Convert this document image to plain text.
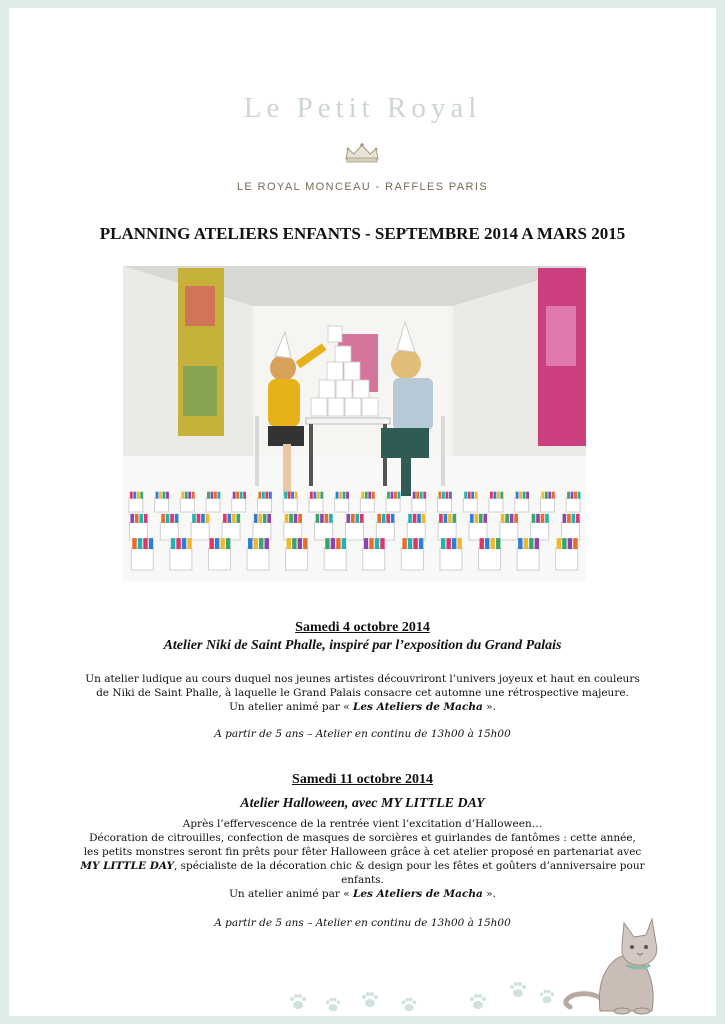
Le Petit Royal
LE ROYAL MONCEAU - RAFFLES PARIS
PLANNING ATELIERS ENFANTS - SEPTEMBRE 2014 A MARS 2015
Samedi 4 octobre 2014
Atelier Niki de Saint Phalle, inspiré par l’exposition du Grand Palais
Un atelier ludique au cours duquel nos jeunes artistes découvriront l’univers joyeux et haut en couleurs
de Niki de Saint Phalle, à laquelle le Grand Palais consacre cet automne une rétrospective majeure.
Un atelier animé par « Les Ateliers de Macha ».
A partir de 5 ans – Atelier en continu de 13h00 à 15h00
Samedi 11 octobre 2014
Atelier Halloween, avec MY LITTLE DAY
Après l’effervescence de la rentrée vient l’excitation d’Halloween…
Décoration de citrouilles, confection de masques de sorcières et guirlandes de fantômes : cette année,
les petits monstres seront fin prêts pour fêter Halloween grâce à cet atelier proposé en partenariat avec
MY LITTLE DAY, spécialiste de la décoration chic & design pour les fêtes et goûters d’anniversaire pour enfants.
Un atelier animé par « Les Ateliers de Macha ».
A partir de 5 ans – Atelier en continu de 13h00 à 15h00
